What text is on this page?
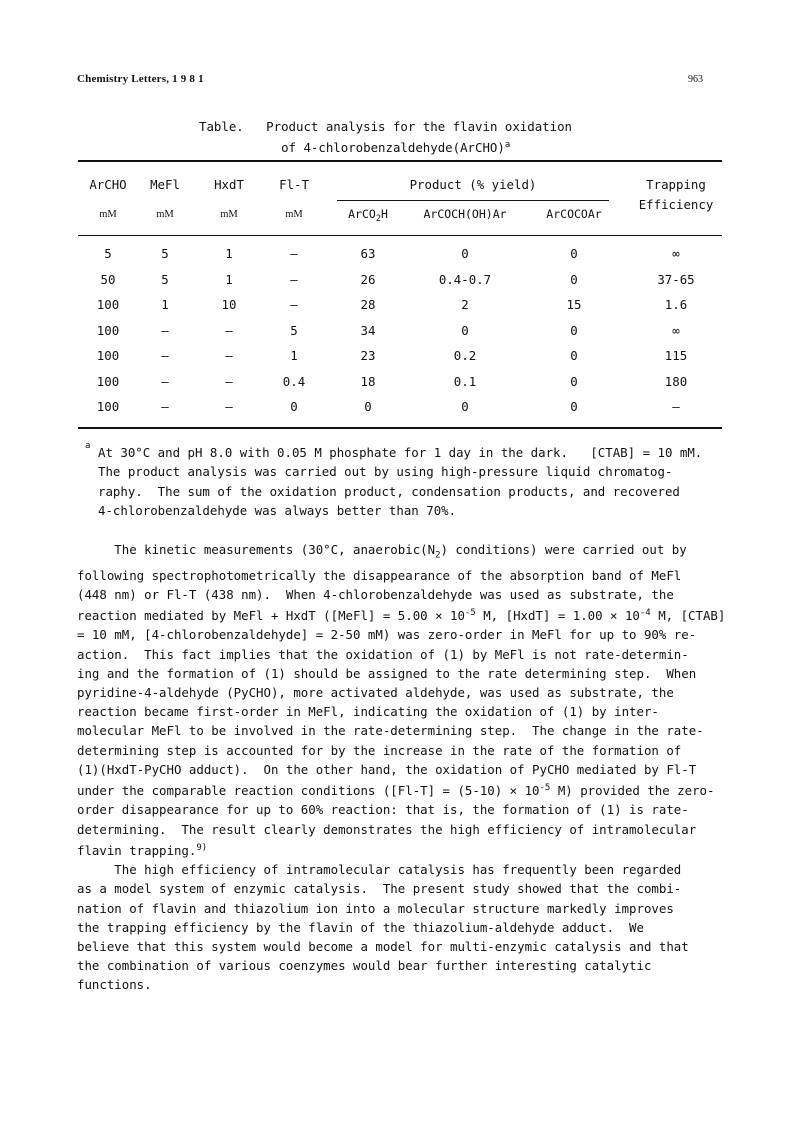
Chemistry Letters, 1 9 8 1	963
Table. Product analysis for the flavin oxidation
of 4-chlorobenzaldehyde(ArCHO)$^a$
ArCHO	MeFl	HxdT	Fl-T	Product (% yield)	Trapping
Efficiency
mM	mM	mM	mM	ArCO$_2$H	ArCOCH(OH)Ar	ArCOCOAr
5	5	1	—	63	0	0	∞
50	5	1	—	26	0.4-0.7	0	37-65
100	1	10	—	28	2	15	1.6
100	—	—	5	34	0	0	∞
100	—	—	1	23	0.2	0	115
100	—	—	0.4	18	0.1	0	180
100	—	—	0	0	0	0	—
a At 30°C and pH 8.0 with 0.05 M phosphate for 1 day in the dark.   [CTAB] = 10 mM.
The product analysis was carried out by using high-pressure liquid chromatog-
raphy.  The sum of the oxidation product, condensation products, and recovered
4-chlorobenzaldehyde was always better than 70%.

The kinetic measurements (30°C, $anaerobic(N_2)$ conditions) were carried out by

following spectrophotometrically the disappearance of the absorption band of MeFl

(448 nm) or Fl-T (438 nm).  When 4-chlorobenzaldehyde was used as substrate, the

reaction mediated by MeFl + HxdT ([MeFl] = $5.00 \times 10^{-5}$ M, [HxdT] = $1.00 \times 10^{-4}$ M, [CTAB]

= 10 mM, [4-chlorobenzaldehyde] = 2-50 mM) was zero-order in MeFl for up to 90% re-

action.  This fact implies that the oxidation of (1) by MeFl is not rate-determin-

ing and the formation of (1) should be assigned to the rate determining step.  When

pyridine-4-aldehyde (PyCHO), more activated aldehyde, was used as substrate, the

reaction became first-order in MeFl, indicating the oxidation of (1) by inter-

molecular MeFl to be involved in the rate-determining step.  The change in the rate-

determining step is accounted for by the increase in the rate of the formation of

(1)(HxdT-PyCHO adduct).  On the other hand, the oxidation of PyCHO mediated by Fl-T

under the comparable reaction conditions ($[Fl-T] = (5-10) \times 10^{-5}$ M) provided the zero-

order disappearance for up to 60% reaction: that is, the formation of (1) is rate-

determining.  The result clearly demonstrates the high efficiency of intramolecular

flavin trapping.$^{9)}$

The high efficiency of intramolecular catalysis has frequently been regarded

as a model system of enzymic catalysis.  The present study showed that the combi-

nation of flavin and thiazolium ion into a molecular structure markedly improves

the trapping efficiency by the flavin of the thiazolium-aldehyde adduct.  We

believe that this system would become a model for multi-enzymic catalysis and that

the combination of various coenzymes would bear further interesting catalytic

functions.
